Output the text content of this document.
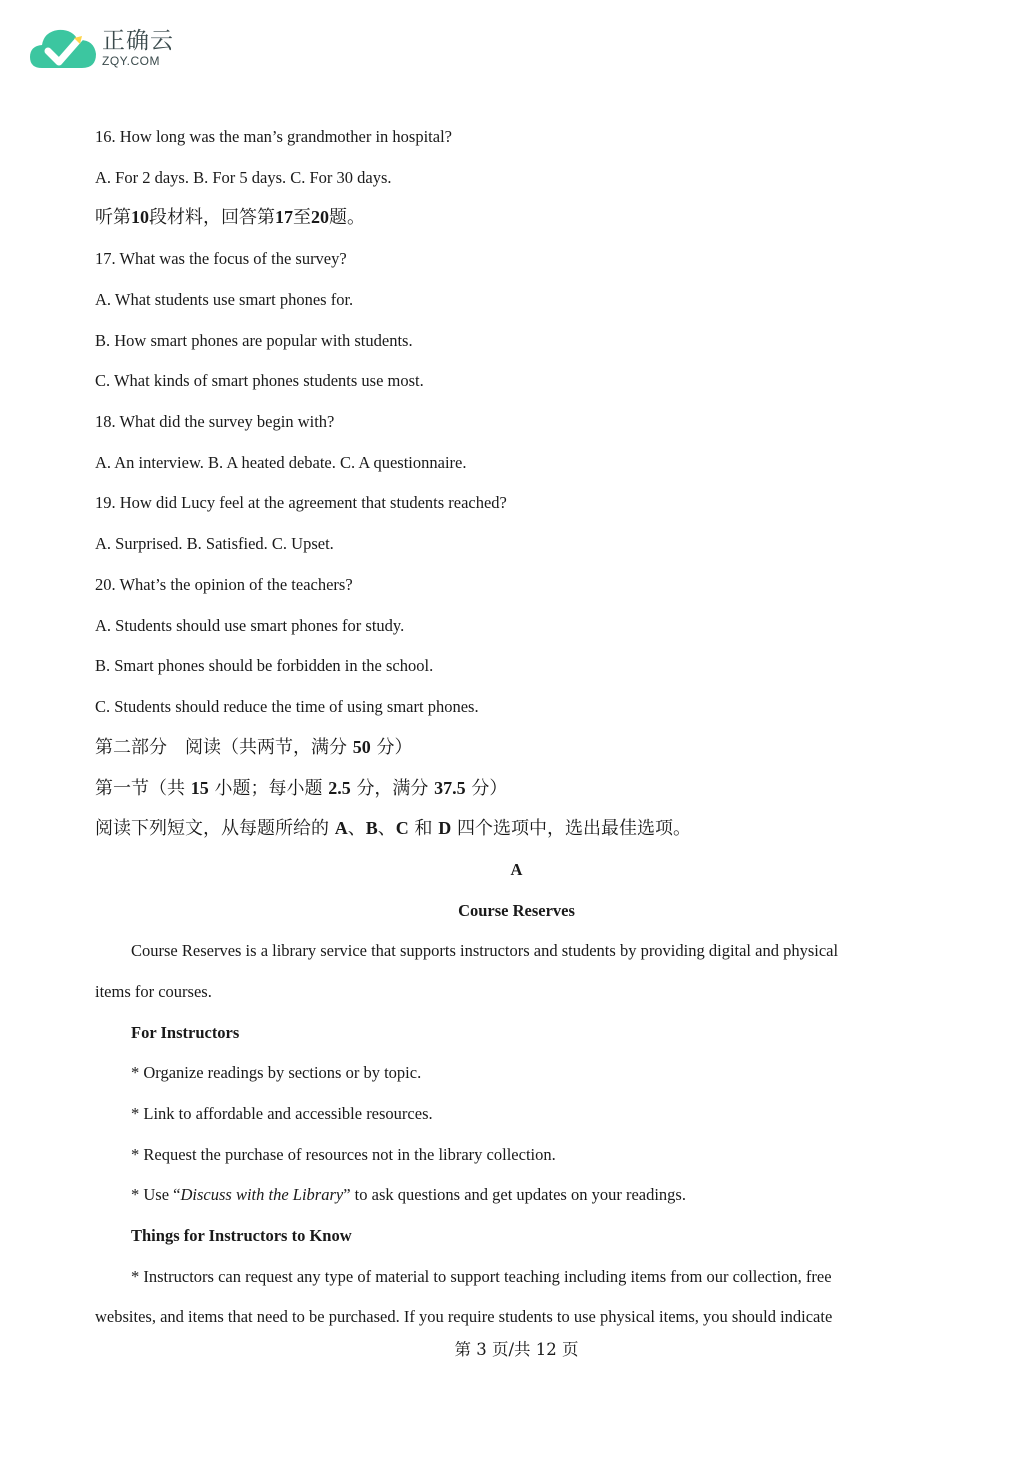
正确云
ZQY.COM
16. How long was the man’s grandmother in hospital?
A. For 2 days. B. For 5 days. C. For 30 days.
听第10段材料，回答第17至20题。
17. What was the focus of the survey?
A. What students use smart phones for.
B. How smart phones are popular with students.
C. What kinds of smart phones students use most.
18. What did the survey begin with?
A. An interview. B. A heated debate. C. A questionnaire.
19. How did Lucy feel at the agreement that students reached?
A. Surprised. B. Satisfied. C. Upset.
20. What’s the opinion of the teachers?
A. Students should use smart phones for study.
B. Smart phones should be forbidden in the school.
C. Students should reduce the time of using smart phones.
第二部分　阅读（共两节，满分 50 分）
第一节（共 15 小题；每小题 2.5 分，满分 37.5 分）
阅读下列短文，从每题所给的 A、B、C 和 D 四个选项中，选出最佳选项。
A
Course Reserves
Course Reserves is a library service that supports instructors and students by providing digital and physical
items for courses.
For Instructors
* Organize readings by sections or by topic.
* Link to affordable and accessible resources.
* Request the purchase of resources not in the library collection.
* Use “Discuss with the Library” to ask questions and get updates on your readings.
Things for Instructors to Know
* Instructors can request any type of material to support teaching including items from our collection, free
websites, and items that need to be purchased. If you require students to use physical items, you should indicate
第 3 页/共 12 页
